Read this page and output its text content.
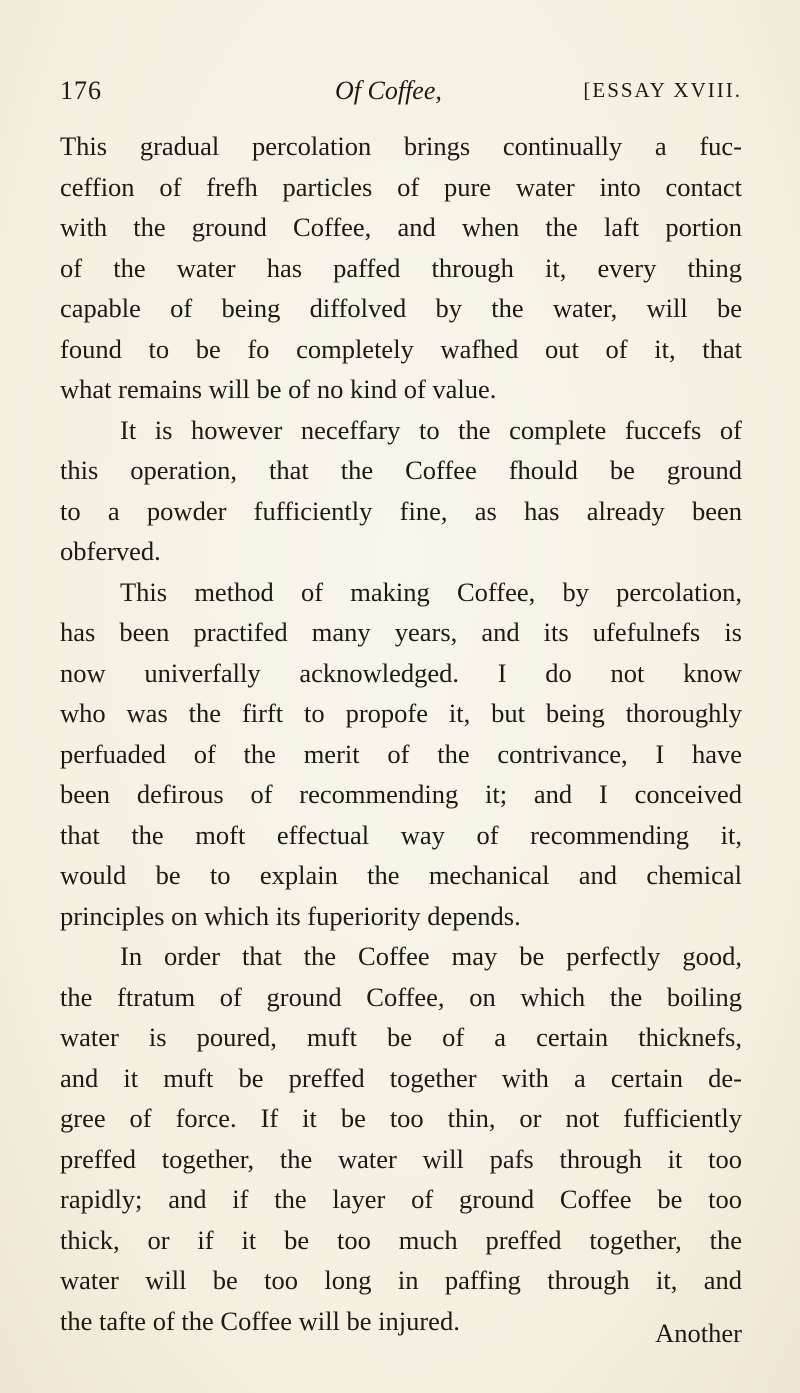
176	Of Coffee,	[ESSAY XVIII.
This gradual percolation brings continually a fuc-
ceffion of frefh particles of pure water into contact
with the ground Coffee, and when the laft portion
of the water has paffed through it, every thing
capable of being diffolved by the water, will be
found to be fo completely wafhed out of it, that
what remains will be of no kind of value.
It is however neceffary to the complete fuccefs of
this operation, that the Coffee fhould be ground
to a powder fufficiently fine, as has already been
obferved.
This method of making Coffee, by percolation,
has been practifed many years, and its ufefulnefs is
now univerfally acknowledged. I do not know
who was the firft to propofe it, but being thoroughly
perfuaded of the merit of the contrivance, I have
been defirous of recommending it; and I conceived
that the moft effectual way of recommending it,
would be to explain the mechanical and chemical
principles on which its fuperiority depends.
In order that the Coffee may be perfectly good,
the ftratum of ground Coffee, on which the boiling
water is poured, muft be of a certain thicknefs,
and it muft be preffed together with a certain de-
gree of force. If it be too thin, or not fufficiently
preffed together, the water will pafs through it too
rapidly; and if the layer of ground Coffee be too
thick, or if it be too much preffed together, the
water will be too long in paffing through it, and
the tafte of the Coffee will be injured.	Another
